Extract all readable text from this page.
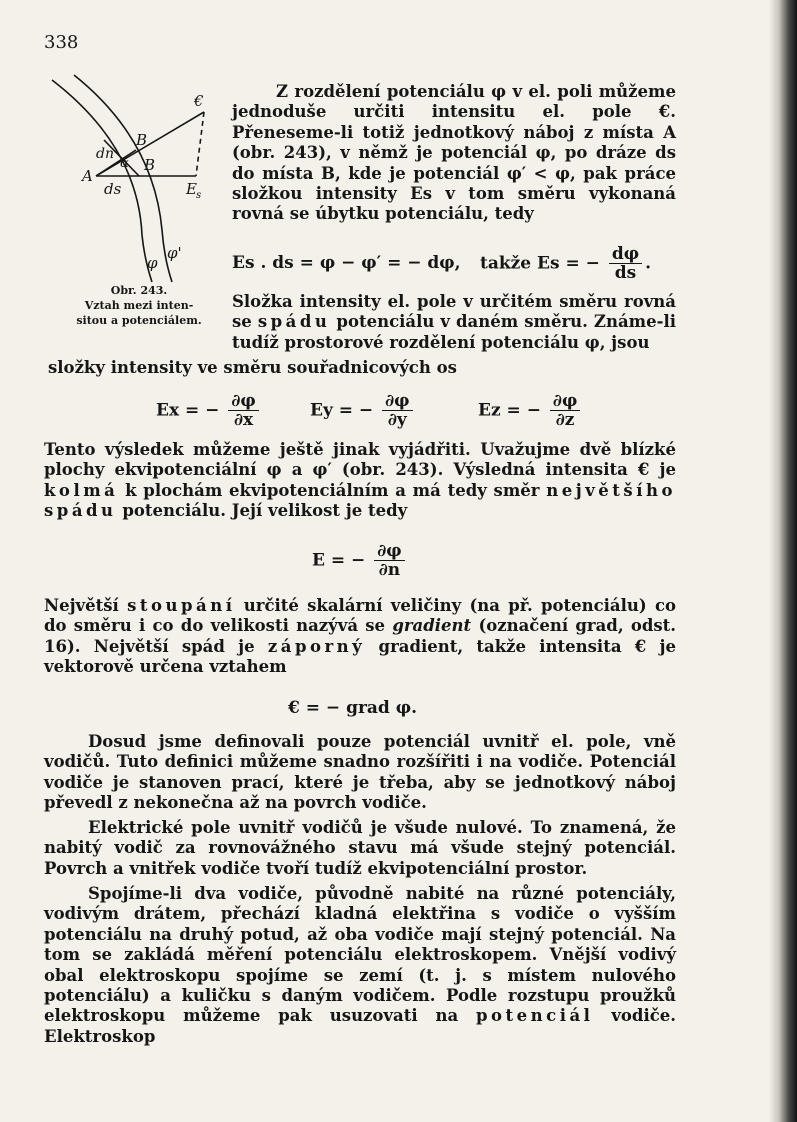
338
€
B
dn
α B
A
ds	E s
φ
φ'
Obr. 243.
Vztah mezi inten-
sitou a potenciálem.

Z rozdělení potenciálu φ v el. poli můžeme jednoduše určiti intensitu el. pole €. Přeneseme-li totiž jednotkový náboj z místa A (obr. 243), v němž je potenciál φ, po dráze ds do místa B, kde je potenciál φ′ < φ, pak práce složkou intensity Es v tom směru vykonaná rovná se úbytku potenciálu, tedy

Es . ds = φ − φ′ = − dφ, takže Es = − $\frac{d\varphi}{ds}$ .

Složka intensity el. pole v určitém směru rovná se spádu potenciálu v daném směru. Známe-li tudíž prostorové rozdělení potenciálu φ, jsou

složky intensity ve směru souřadnicových os

Ex = − $\frac{\partial\varphi}{\partial x}$	Ey = − $\frac{\partial\varphi}{\partial y}$	Ez = − $\frac{\partial\varphi}{\partial z}$

Tento výsledek můžeme ještě jinak vyjádřiti. Uvažujme dvě blízké plochy ekvipotenciální φ a φ′ (obr. 243). Výsledná intensita € je kolmá k plochám ekvipotenciálním a má tedy směr největšího spádu potenciálu. Její velikost je tedy

E = − $\frac{\partial\varphi}{\partial n}$

Největší stoupání určité skalární veličiny (na př. potenciálu) co do směru i co do velikosti nazývá se gradient (označení grad, odst. 16). Největší spád je záporný gradient, takže intensita € je vektorově určena vztahem

€ = − grad φ.

Dosud jsme definovali pouze potenciál uvnitř el. pole, vně vodičů. Tuto definici můžeme snadno rozšířiti i na vodiče. Potenciál vodiče je stanoven prací, které je třeba, aby se jednotkový náboj převedl z nekonečna až na povrch vodiče.

Elektrické pole uvnitř vodičů je všude nulové. To znamená, že nabitý vodič za rovnovážného stavu má všude stejný potenciál. Povrch a vnitřek vodiče tvoří tudíž ekvipotenciální prostor.

Spojíme-li dva vodiče, původně nabité na různé potenciály, vodivým drátem, přechází kladná elektřina s vodiče o vyšším potenciálu na druhý potud, až oba vodiče mají stejný potenciál. Na tom se zakládá měření potenciálu elektroskopem. Vnější vodivý obal elektroskopu spojíme se zemí (t. j. s místem nulového potenciálu) a kuličku s daným vodičem. Podle rozstupu proužků elektroskopu můžeme pak usuzovati na potenciál vodiče. Elektroskop
